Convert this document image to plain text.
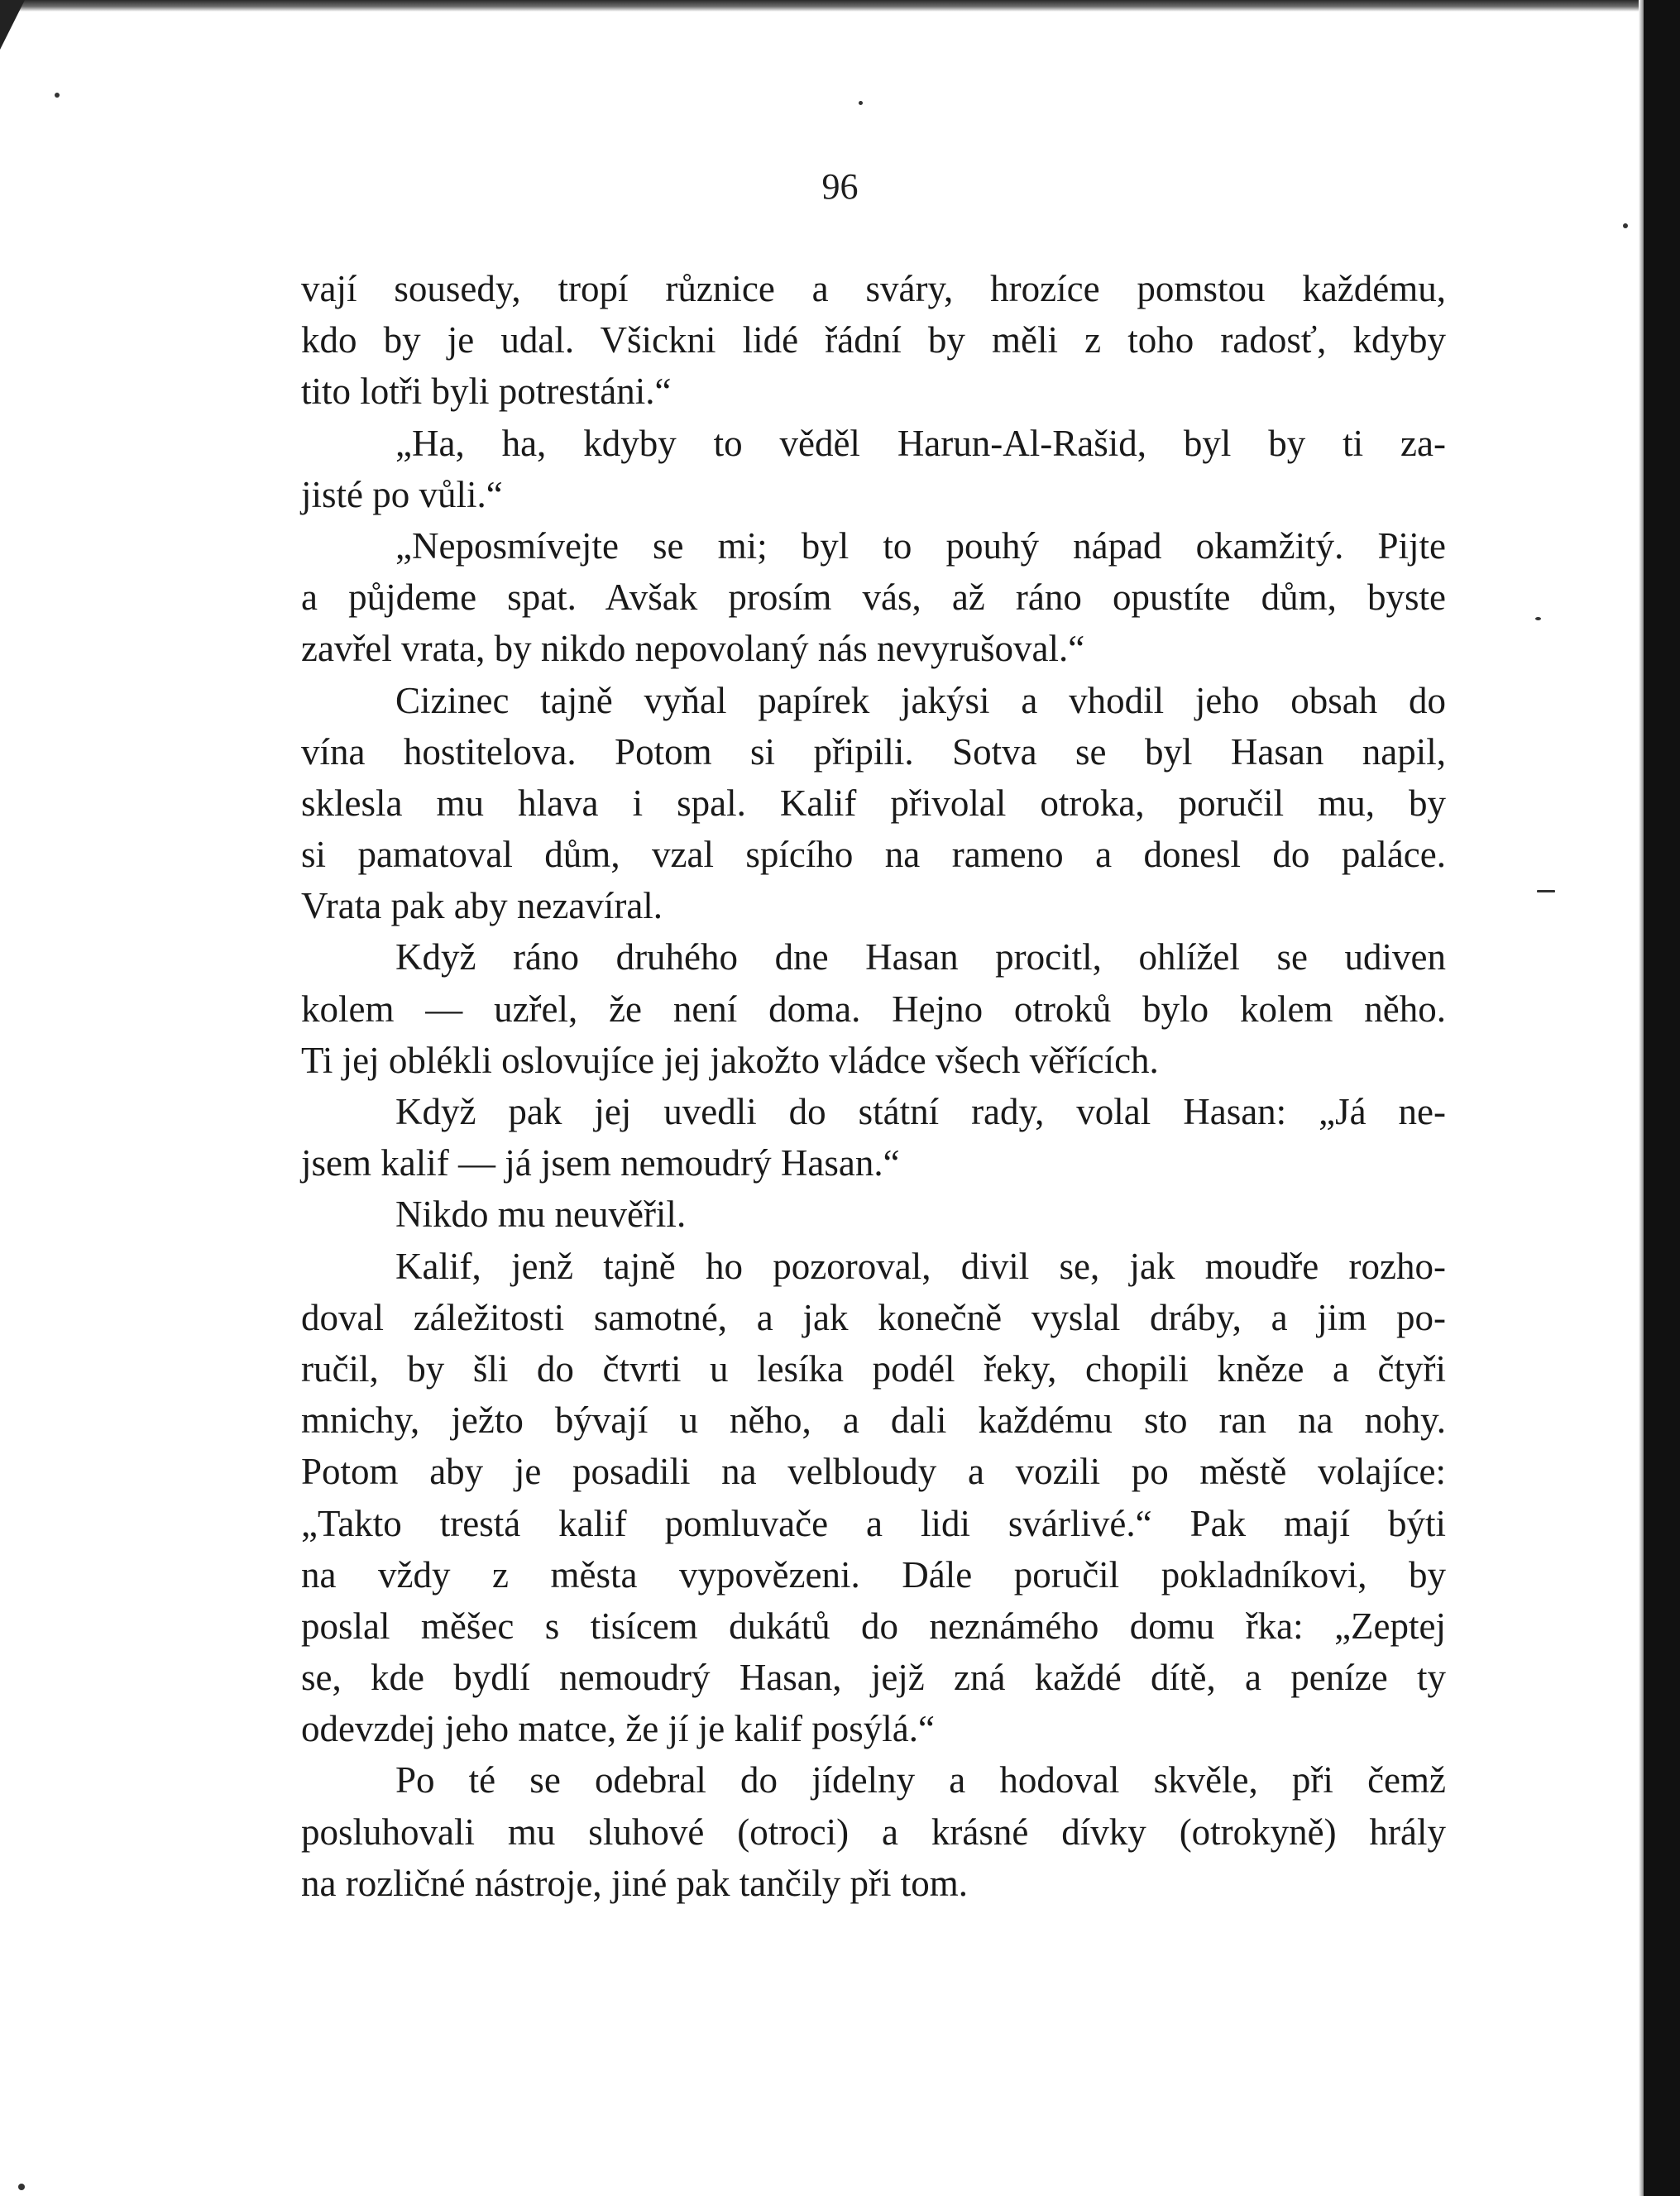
96
vají sousedy, tropí různice a sváry, hrozíce pomstou každému,
kdo by je udal. Všickni lidé řádní by měli z toho radosť, kdyby
tito lotři byli potrestáni.“
„Ha, ha, kdyby to věděl Harun-Al-Rašid, byl by ti za-
jisté po vůli.“
„Neposmívejte se mi; byl to pouhý nápad okamžitý. Pijte
a půjdeme spat. Avšak prosím vás, až ráno opustíte dům, byste
zavřel vrata, by nikdo nepovolaný nás nevyrušoval.“
Cizinec tajně vyňal papírek jakýsi a vhodil jeho obsah do
vína hostitelova. Potom si připili. Sotva se byl Hasan napil,
sklesla mu hlava i spal. Kalif přivolal otroka, poručil mu, by
si pamatoval dům, vzal spícího na rameno a donesl do paláce.
Vrata pak aby nezavíral.
Když ráno druhého dne Hasan procitl, ohlížel se udiven
kolem — uzřel, že není doma. Hejno otroků bylo kolem něho.
Ti jej oblékli oslovujíce jej jakožto vládce všech věřících.
Když pak jej uvedli do státní rady, volal Hasan: „Já ne-
jsem kalif — já jsem nemoudrý Hasan.“
Nikdo mu neuvěřil.
Kalif, jenž tajně ho pozoroval, divil se, jak moudře rozho-
doval záležitosti samotné, a jak konečně vyslal dráby, a jim po-
ručil, by šli do čtvrti u lesíka podél řeky, chopili kněze a čtyři
mnichy, ježto bývají u něho, a dali každému sto ran na nohy.
Potom aby je posadili na velbloudy a vozili po městě volajíce:
„Takto trestá kalif pomluvače a lidi svárlivé.“ Pak mají býti
na vždy z města vypovězeni. Dále poručil pokladníkovi, by
poslal měšec s tisícem dukátů do neznámého domu řka: „Zeptej
se, kde bydlí nemoudrý Hasan, jejž zná každé dítě, a peníze ty
odevzdej jeho matce, že jí je kalif posýlá.“
Po té se odebral do jídelny a hodoval skvěle, při čemž
posluhovali mu sluhové (otroci) a krásné dívky (otrokyně) hrály
na rozličné nástroje, jiné pak tančily při tom.
